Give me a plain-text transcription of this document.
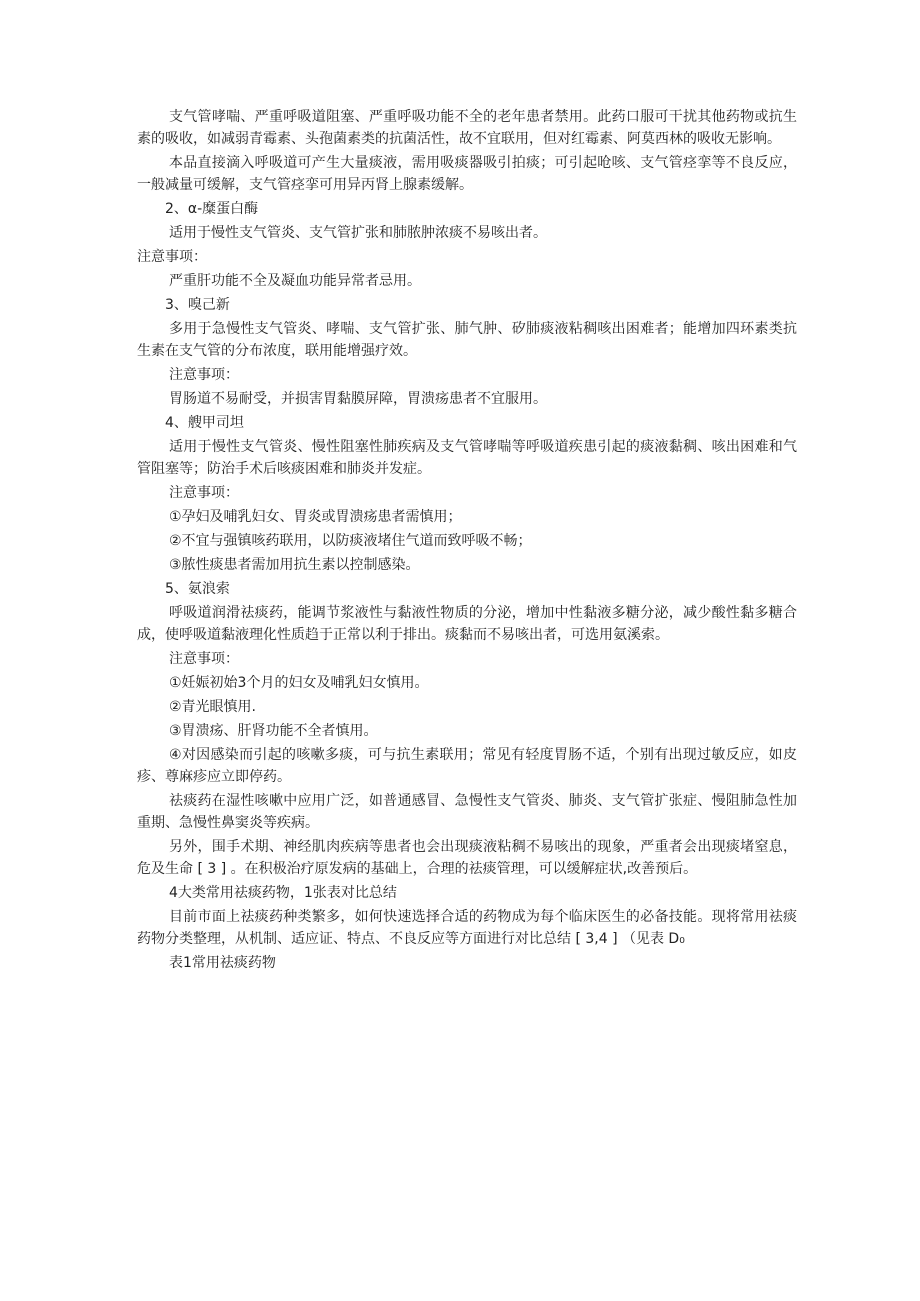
支气管哮喘、严重呼吸道阻塞、严重呼吸功能不全的老年患者禁用。此药口服可干扰其他药物或抗生素的吸收，如减弱青霉素、头孢菌素类的抗菌活性，故不宜联用，但对红霉素、阿莫西林的吸收无影响。

本品直接滴入呼吸道可产生大量痰液，需用吸痰器吸引拍痰；可引起呛咳、支气管痉挛等不良反应，一般减量可缓解，支气管痉挛可用异丙肾上腺素缓解。

2、α-糜蛋白酶

适用于慢性支气管炎、支气管扩张和肺脓肿浓痰不易咳出者。

注意事项：

严重肝功能不全及凝血功能异常者忌用。

3、嗅己新

多用于急慢性支气管炎、哮喘、支气管扩张、肺气肿、矽肺痰液粘稠咳出困难者；能增加四环素类抗生素在支气管的分布浓度，联用能增强疗效。

注意事项：

胃肠道不易耐受，并损害胃黏膜屏障，胃溃疡患者不宜服用。

4、艘甲司坦

适用于慢性支气管炎、慢性阻塞性肺疾病及支气管哮喘等呼吸道疾患引起的痰液黏稠、咳出困难和气管阻塞等；防治手术后咳痰困难和肺炎并发症。

注意事项：

①孕妇及哺乳妇女、胃炎或胃溃疡患者需慎用；

②不宜与强镇咳药联用，以防痰液堵住气道而致呼吸不畅；

③脓性痰患者需加用抗生素以控制感染。

5、氨浪索

呼吸道润滑祛痰药，能调节浆液性与黏液性物质的分泌，增加中性黏液多糖分泌，减少酸性黏多糖合成，使呼吸道黏液理化性质趋于正常以利于排出。痰黏而不易咳出者，可选用氨溪索。

注意事项：

①妊娠初始3个月的妇女及哺乳妇女慎用。

②青光眼慎用.

③胃溃疡、肝肾功能不全者慎用。

④对因感染而引起的咳嗽多痰，可与抗生素联用；常见有轻度胃肠不适，个别有出现过敏反应，如皮疹、尊麻疹应立即停药。

祛痰药在湿性咳嗽中应用广泛，如普通感冒、急慢性支气管炎、肺炎、支气管扩张症、慢阻肺急性加重期、急慢性鼻窦炎等疾病。

另外，围手术期、神经肌肉疾病等患者也会出现痰液粘稠不易咳出的现象，严重者会出现痰堵窒息，危及生命 [ 3 ] 。在积极治疗原发病的基础上，合理的祛痰管理，可以缓解症状,改善预后。

4大类常用祛痰药物，1张表对比总结

目前市面上祛痰药种类繁多，如何快速选择合适的药物成为每个临床医生的必备技能。现将常用祛痰药物分类整理，从机制、适应证、特点、不良反应等方面进行对比总结 [ 3,4 ] （见表 D₀

表1常用祛痰药物
